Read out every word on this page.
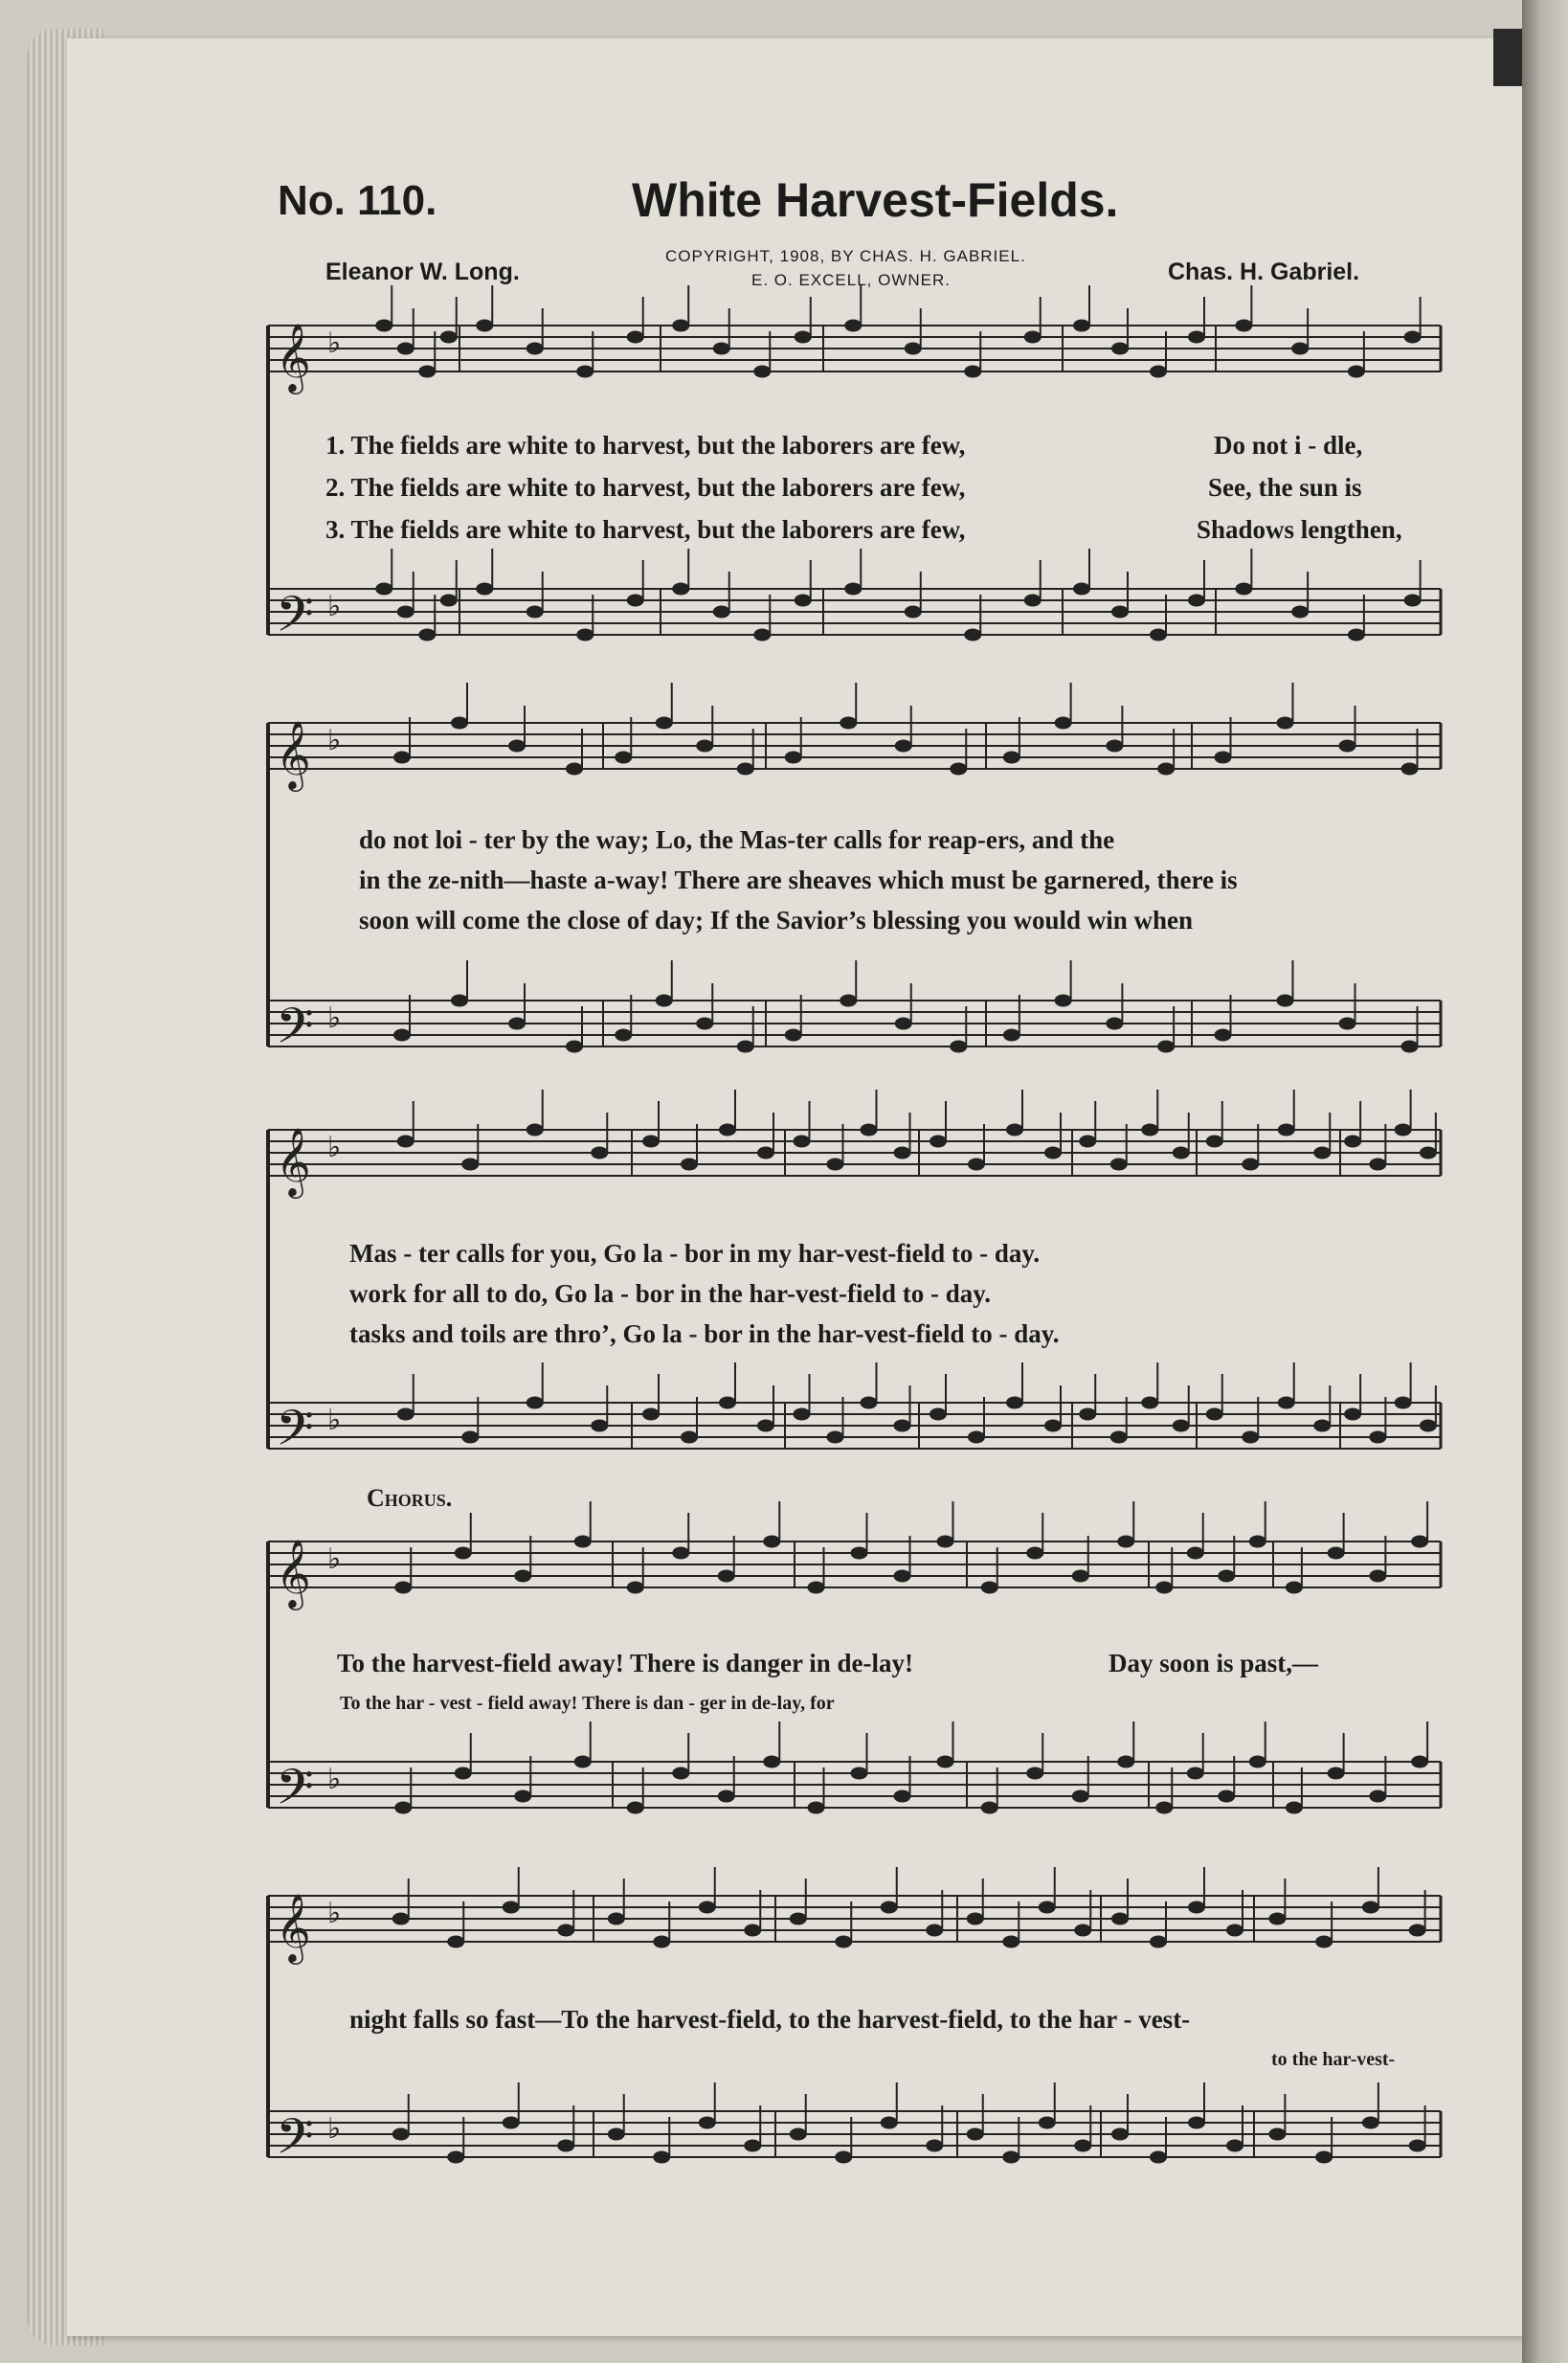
No. 110.	White Harvest-Fields.
Eleanor W. Long.
COPYRIGHT, 1908, BY CHAS. H. GABRIEL.
E. O. EXCELL, OWNER.	Chas. H. Gabriel.
𝄞 ♭
𝄢 ♭
𝄞 ♭
𝄢 ♭
𝄞 ♭
𝄢 ♭
𝄞 ♭
𝄢 ♭
𝄞 ♭
𝄢 ♭
1. The fields are white to harvest, but the laborers are few,	Do not i - dle,
2. The fields are white to harvest, but the laborers are few,	See, the sun is
3. The fields are white to harvest, but the laborers are few,	Shadows lengthen,
do not loi - ter by the way; Lo, the Mas-ter calls for reap-ers, and the
in the ze-nith—haste a-way! There are sheaves which must be garnered, there is
soon will come the close of day; If the Savior’s blessing you would win when
Mas - ter calls for you, Go la - bor in my har-vest-field to - day.
work for all to do, Go la - bor in the har-vest-field to - day.
tasks and toils are thro’, Go la - bor in the har-vest-field to - day.
Chorus.
To the harvest-field away! There is danger in de-lay!	Day soon is past,—
To the har - vest - field away! There is dan - ger in de-lay, for
night falls so fast—To the harvest-field, to the harvest-field, to the har - vest-
to the har-vest-
